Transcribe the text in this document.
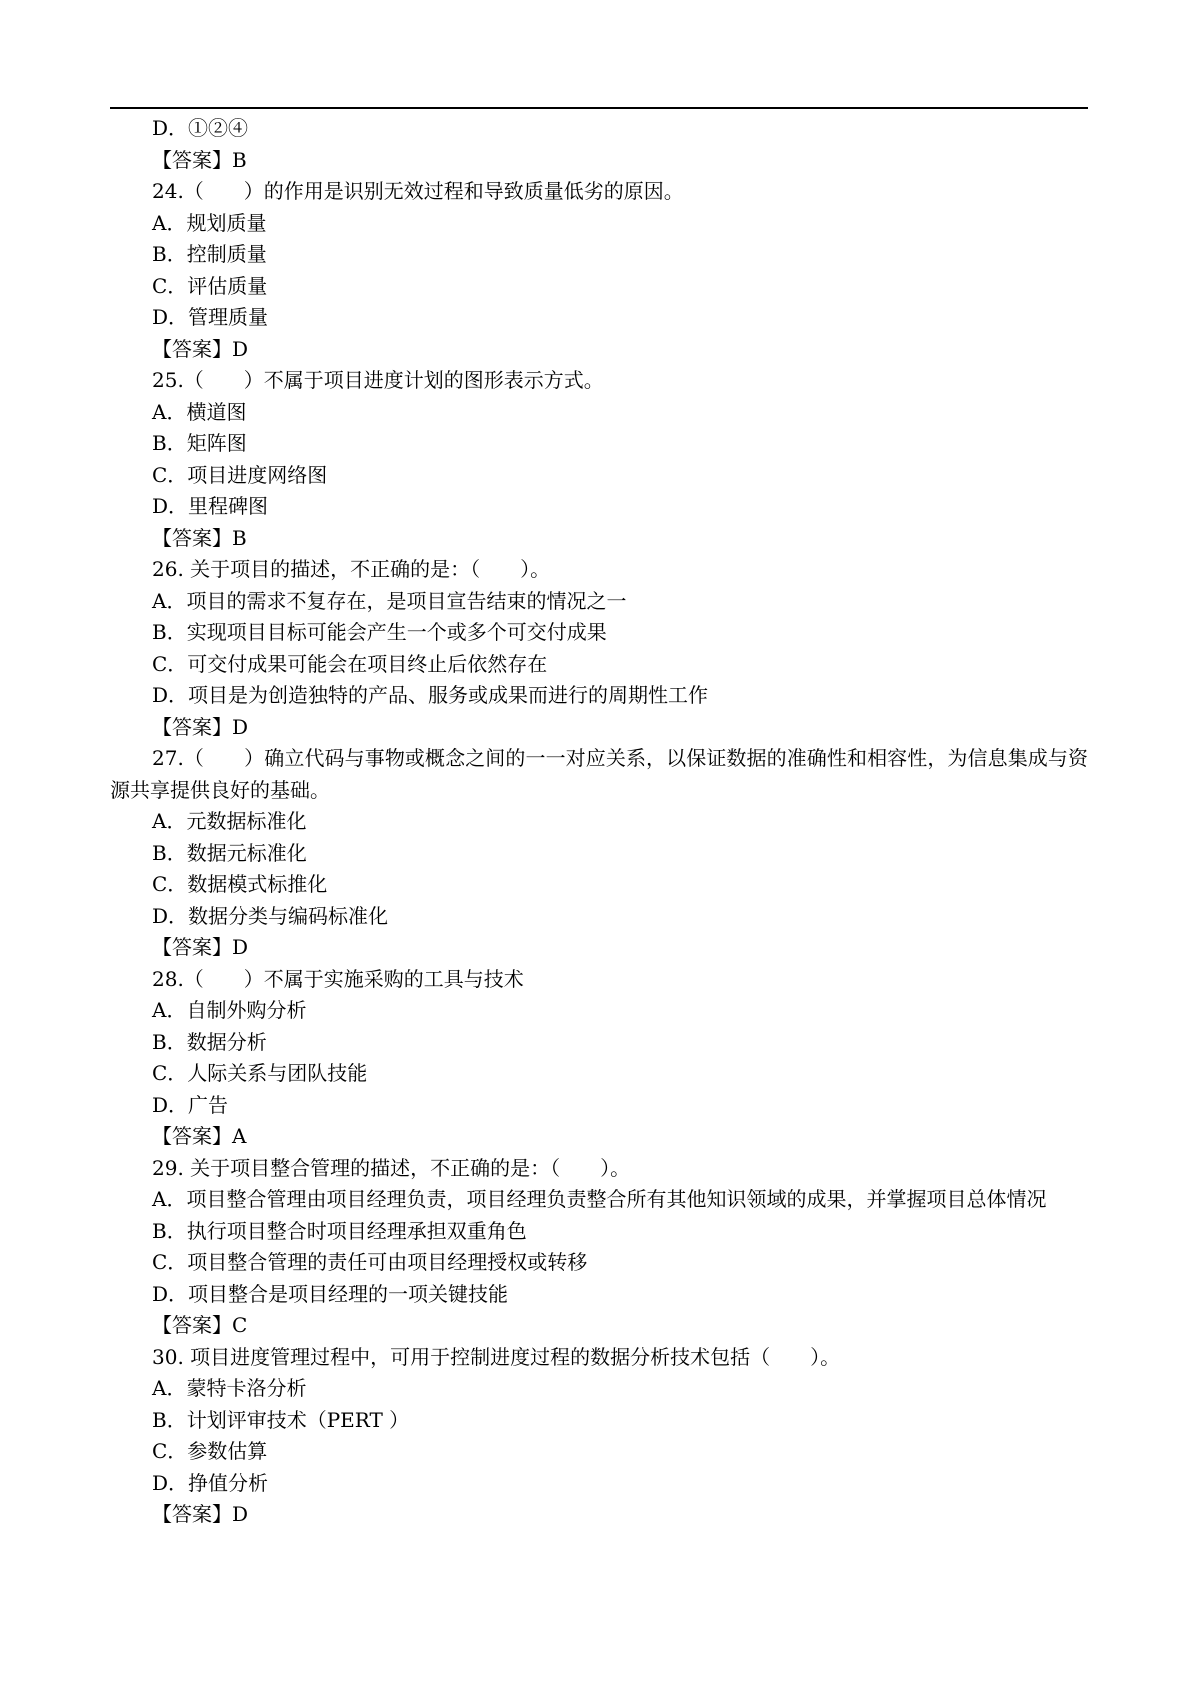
D．①②④
【答案】B
24.（　　）的作用是识别无效过程和导致质量低劣的原因。
A．规划质量
B．控制质量
C．评估质量
D．管理质量
【答案】D
25.（　　）不属于项目进度计划的图形表示方式。
A．横道图
B．矩阵图
C．项目进度网络图
D．里程碑图
【答案】B
26. 关于项目的描述，不正确的是：（　　）。
A．项目的需求不复存在，是项目宣告结束的情况之一
B．实现项目目标可能会产生一个或多个可交付成果
C．可交付成果可能会在项目终止后依然存在
D．项目是为创造独特的产品、服务或成果而进行的周期性工作
【答案】D
27.（　　）确立代码与事物或概念之间的一一对应关系，以保证数据的准确性和相容性，为信息集成与资源共享提供良好的基础。
A．元数据标准化
B．数据元标准化
C．数据模式标推化
D．数据分类与编码标准化
【答案】D
28.（　　）不属于实施采购的工具与技术
A．自制外购分析
B．数据分析
C．人际关系与团队技能
D．广告
【答案】A
29. 关于项目整合管理的描述，不正确的是：（　　）。
A．项目整合管理由项目经理负责，项目经理负责整合所有其他知识领域的成果，并掌握项目总体情况
B．执行项目整合时项目经理承担双重角色
C．项目整合管理的责任可由项目经理授权或转移
D．项目整合是项目经理的一项关键技能
【答案】C
30. 项目进度管理过程中，可用于控制进度过程的数据分析技术包括（　　）。
A．蒙特卡洛分析
B．计划评审技术（PERT ）
C．参数估算
D．挣值分析
【答案】D
